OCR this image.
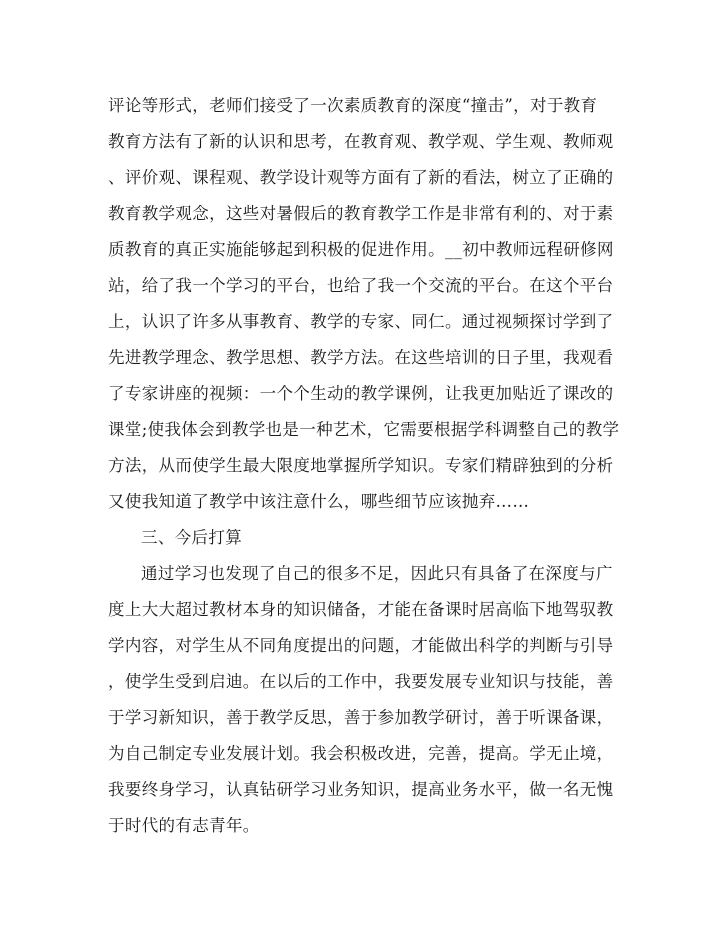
评论等形式，老师们接受了一次素质教育的深度“撞击”，对于教育
教育方法有了新的认识和思考，在教育观、教学观、学生观、教师观
、评价观、课程观、教学设计观等方面有了新的看法，树立了正确的
教育教学观念，这些对暑假后的教育教学工作是非常有利的、对于素
质教育的真正实施能够起到积极的促进作用。__初中教师远程研修网
站，给了我一个学习的平台，也给了我一个交流的平台。在这个平台
上，认识了许多从事教育、教学的专家、同仁。通过视频探讨学到了
先进教学理念、教学思想、教学方法。在这些培训的日子里，我观看
了专家讲座的视频：一个个生动的教学课例，让我更加贴近了课改的
课堂;使我体会到教学也是一种艺术，它需要根据学科调整自己的教学
方法，从而使学生最大限度地掌握所学知识。专家们精辟独到的分析
又使我知道了教学中该注意什么，哪些细节应该抛弃……
三、今后打算
通过学习也发现了自己的很多不足，因此只有具备了在深度与广
度上大大超过教材本身的知识储备，才能在备课时居高临下地驾驭教
学内容，对学生从不同角度提出的问题，才能做出科学的判断与引导
，使学生受到启迪。在以后的工作中，我要发展专业知识与技能，善
于学习新知识，善于教学反思，善于参加教学研讨，善于听课备课，
为自己制定专业发展计划。我会积极改进，完善，提高。学无止境，
我要终身学习，认真钻研学习业务知识，提高业务水平，做一名无愧
于时代的有志青年。
